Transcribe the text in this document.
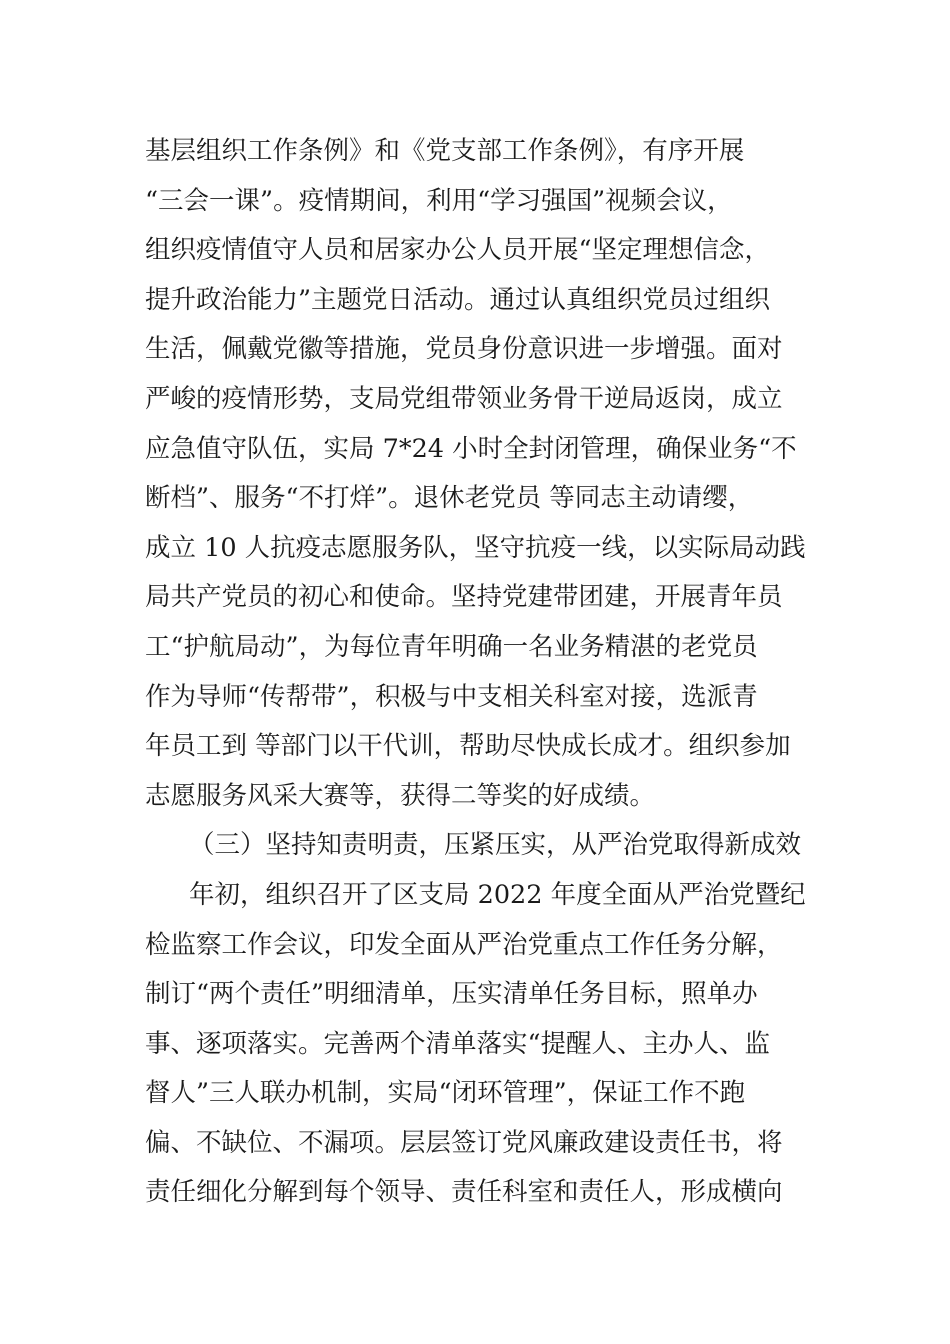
基层组织工作条例》和《党支部工作条例》，有序开展
“三会一课”。疫情期间，利用“学习强国”视频会议，
组织疫情值守人员和居家办公人员开展“坚定理想信念，
提升政治能力”主题党日活动。通过认真组织党员过组织
生活，佩戴党徽等措施，党员身份意识进一步增强。面对
严峻的疫情形势，支局党组带领业务骨干逆局返岗，成立
应急值守队伍，实局 7*24 小时全封闭管理，确保业务“不
断档”、服务“不打烊”。退休老党员 等同志主动请缨，
成立 10 人抗疫志愿服务队，坚守抗疫一线，以实际局动践
局共产党员的初心和使命。坚持党建带团建，开展青年员
工“护航局动”，为每位青年明确一名业务精湛的老党员
作为导师“传帮带”，积极与中支相关科室对接，选派青
年员工到 等部门以干代训，帮助尽快成长成才。组织参加
志愿服务风采大赛等，获得二等奖的好成绩。
（三）坚持知责明责，压紧压实，从严治党取得新成效
年初，组织召开了区支局 2022 年度全面从严治党暨纪
检监察工作会议，印发全面从严治党重点工作任务分解，
制订“两个责任”明细清单，压实清单任务目标，照单办
事、逐项落实。完善两个清单落实“提醒人、主办人、监
督人”三人联办机制，实局“闭环管理”，保证工作不跑
偏、不缺位、不漏项。层层签订党风廉政建设责任书，将
责任细化分解到每个领导、责任科室和责任人，形成横向
